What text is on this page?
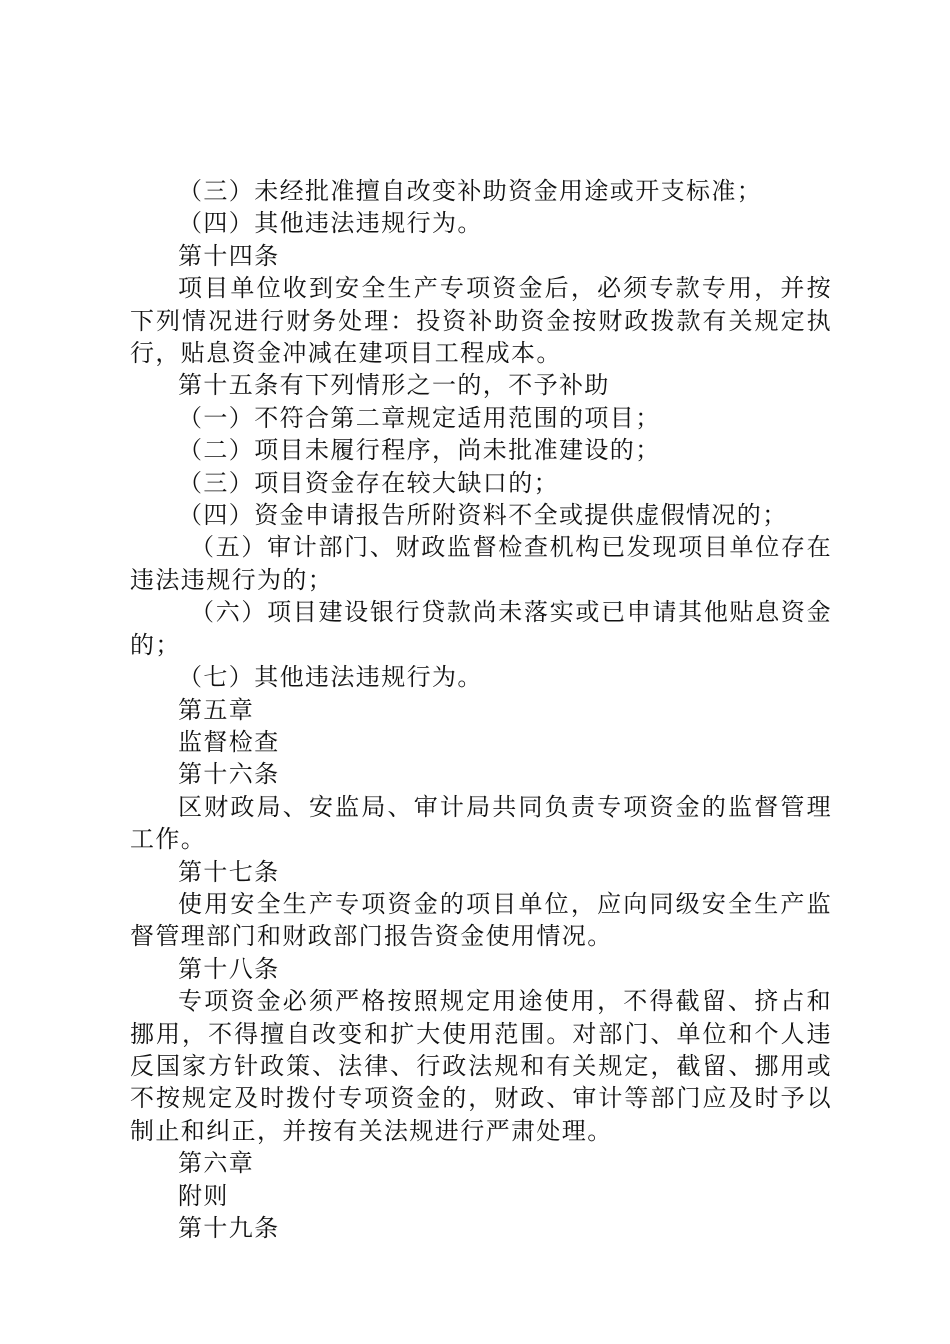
（三）未经批准擅自改变补助资金用途或开支标准；

（四）其他违法违规行为。

第十四条

项目单位收到安全生产专项资金后，必须专款专用，并按下列情况进行财务处理：投资补助资金按财政拨款有关规定执行，贴息资金冲减在建项目工程成本。

第十五条有下列情形之一的，不予补助

（一）不符合第二章规定适用范围的项目；

（二）项目未履行程序，尚未批准建设的；

（三）项目资金存在较大缺口的；

（四）资金申请报告所附资料不全或提供虚假情况的；

（五）审计部门、财政监督检查机构已发现项目单位存在违法违规行为的；

（六）项目建设银行贷款尚未落实或已申请其他贴息资金的；

（七）其他违法违规行为。

第五章

监督检查

第十六条

区财政局、安监局、审计局共同负责专项资金的监督管理工作。

第十七条

使用安全生产专项资金的项目单位，应向同级安全生产监督管理部门和财政部门报告资金使用情况。

第十八条

专项资金必须严格按照规定用途使用，不得截留、挤占和挪用，不得擅自改变和扩大使用范围。对部门、单位和个人违反国家方针政策、法律、行政法规和有关规定，截留、挪用或不按规定及时拨付专项资金的，财政、审计等部门应及时予以制止和纠正，并按有关法规进行严肃处理。

第六章

附则

第十九条
